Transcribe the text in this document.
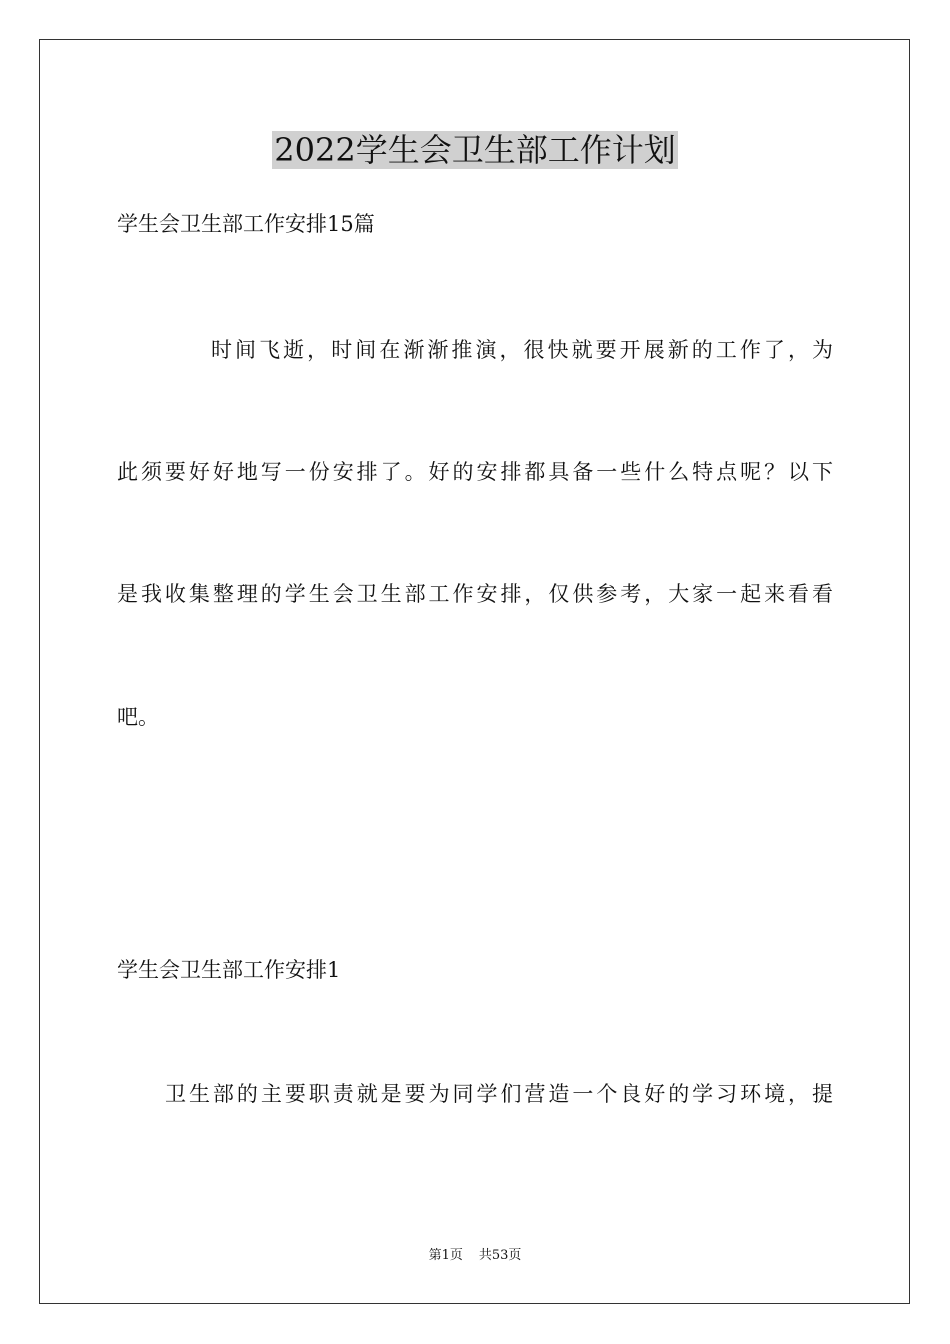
2022学生会卫生部工作计划

学生会卫生部工作安排15篇

时间飞逝，时间在渐渐推演，很快就要开展新的工作了，为

此须要好好地写一份安排了。好的安排都具备一些什么特点呢？以下

是我收集整理的学生会卫生部工作安排，仅供参考，大家一起来看看

吧。

学生会卫生部工作安排1

卫生部的主要职责就是要为同学们营造一个良好的学习环境，提

第1页 共53页
